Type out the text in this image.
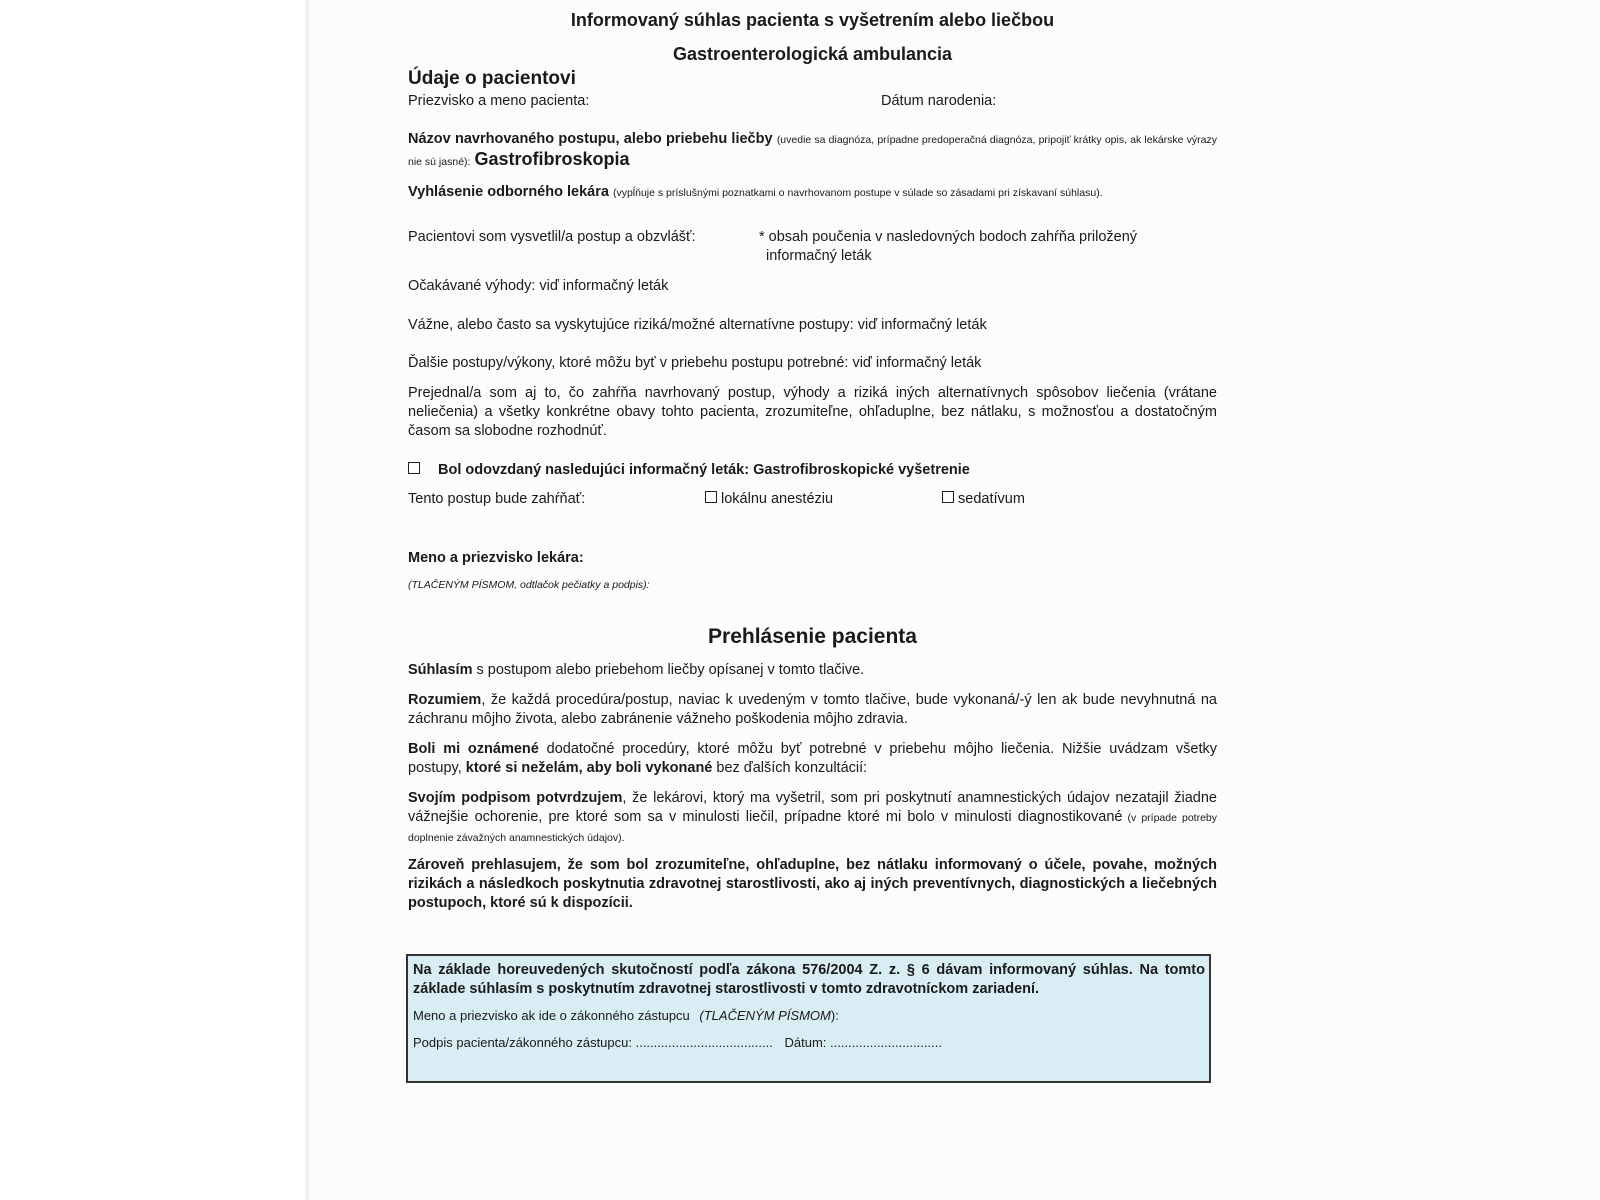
Informovaný súhlas pacienta s vyšetrením alebo liečbou
Gastroenterologická ambulancia
Údaje o pacientovi
Priezvisko a meno pacienta:	Dátum narodenia:
Názov navrhovaného postupu, alebo priebehu liečby (uvedie sa diagnóza, prípadne predoperačná diagnóza, pripojiť krátky opis, ak lekárske výrazy nie sú jasné): Gastrofibroskopia
Vyhlásenie odborného lekára (vypĺňuje s príslušnými poznatkami o navrhovanom postupe v súlade so zásadami pri získavaní súhlasu).
Pacientovi som vysvetlil/a postup a obzvlášť:	* obsah poučenia v nasledovných bodoch zahŕňa priložený
informačný leták
Očakávané výhody: viď informačný leták
Vážne, alebo často sa vyskytujúce riziká/možné alternatívne postupy: viď informačný leták
Ďalšie postupy/výkony, ktoré môžu byť v priebehu postupu potrebné: viď informačný leták
Prejednal/a som aj to, čo zahŕňa navrhovaný postup, výhody a riziká iných alternatívnych spôsobov liečenia (vrátane neliečenia) a všetky konkrétne obavy tohto pacienta, zrozumiteľne, ohľaduplne, bez nátlaku, s možnosťou a dostatočným časom sa slobodne rozhodnúť.
Bol odovzdaný nasledujúci informačný leták: Gastrofibroskopické vyšetrenie
Tento postup bude zahŕňať:	lokálnu anestéziu	sedatívum
Meno a priezvisko lekára:
(TLAČENÝM PÍSMOM, odtlačok pečiatky a podpis):
Prehlásenie pacienta
Súhlasím s postupom alebo priebehom liečby opísanej v tomto tlačive.
Rozumiem, že každá procedúra/postup, naviac k uvedeným v tomto tlačive, bude vykonaná/-ý len ak bude nevyhnutná na záchranu môjho života, alebo zabránenie vážneho poškodenia môjho zdravia.
Boli mi oznámené dodatočné procedúry, ktoré môžu byť potrebné v priebehu môjho liečenia. Nižšie uvádzam všetky postupy, ktoré si neželám, aby boli vykonané bez ďalších konzultácií:
Svojím podpisom potvrdzujem, že lekárovi, ktorý ma vyšetril, som pri poskytnutí anamnestických údajov nezatajil žiadne vážnejšie ochorenie, pre ktoré som sa v minulosti liečil, prípadne ktoré mi bolo v minulosti diagnostikované (v prípade potreby doplnenie závažných anamnestických údajov).
Zároveň prehlasujem, že som bol zrozumiteľne, ohľaduplne, bez nátlaku informovaný o účele, povahe, možných rizikách a následkoch poskytnutia zdravotnej starostlivosti, ako aj iných preventívnych, diagnostických a liečebných postupoch, ktoré sú k dispozícii.
Na základe horeuvedených skutočností podľa zákona 576/2004 Z. z. § 6 dávam informovaný súhlas. Na tomto základe súhlasím s poskytnutím zdravotnej starostlivosti v tomto zdravotníckom zariadení.
Meno a priezvisko ak ide o zákonného zástupcu (TLAČENÝM PÍSMOM):
Podpis pacienta/zákonného zástupcu: ...................................... Dátum: ...............................
